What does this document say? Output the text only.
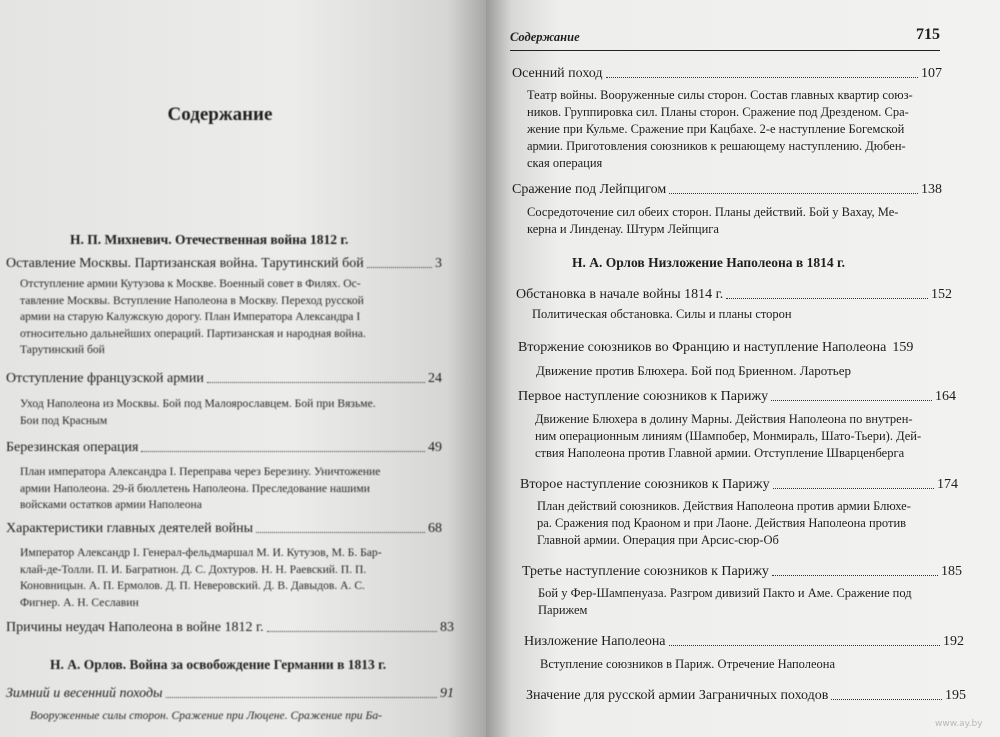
Содержание
Н. П. Михневич. Отечественная война 1812 г.
Оставление Москвы. Партизанская война. Тарутинский бой	3
Отступление армии Кутузова к Москве. Военный совет в Филях. Ос-
тавление Москвы. Вступление Наполеона в Москву. Переход русской
армии на старую Калужскую дорогу. План Императора Александра I
относительно дальнейших операций. Партизанская и народная война.
Тарутинский бой
Отступление французской армии	24
Уход Наполеона из Москвы. Бой под Малоярославцем. Бой при Вязьме.
Бои под Красным
Березинская операция	49
План императора Александра I. Переправа через Березину. Уничтожение
армии Наполеона. 29-й бюллетень Наполеона. Преследование нашими
войсками остатков армии Наполеона
Характеристики главных деятелей войны	68
Император Александр I. Генерал-фельдмаршал М. И. Кутузов, М. Б. Бар-
клай-де-Толли. П. И. Багратион. Д. С. Дохтуров. Н. Н. Раевский. П. П.
Коновницын. А. П. Ермолов. Д. П. Неверовский. Д. В. Давыдов. А. С.
Фигнер. А. Н. Сеславин
Причины неудач Наполеона в войне 1812 г.	83
Н. А. Орлов. Война за освобождение Германии в 1813 г.
Зимний и весенний походы	91
Вооруженные силы сторон. Сражение при Люцене. Сражение при Ба-
Содержание	715
Осенний поход	107
Театр войны. Вооруженные силы сторон. Состав главных квартир союз-
ников. Группировка сил. Планы сторон. Сражение под Дрезденом. Сра-
жение при Кульме. Сражение при Кацбахе. 2-е наступление Богемской
армии. Приготовления союзников к решающему наступлению. Дюбен-
ская операция
Сражение под Лейпцигом	138
Сосредоточение сил обеих сторон. Планы действий. Бой у Вахау, Ме-
керна и Линденау. Штурм Лейпцига
Н. А. Орлов Низложение Наполеона в 1814 г.
Обстановка в начале войны 1814 г.	152
Политическая обстановка. Силы и планы сторон
Вторжение союзников во Францию и наступление Наполеона 159
Движение против Блюхера. Бой под Бриенном. Ларотьер
Первое наступление союзников к Парижу	164
Движение Блюхера в долину Марны. Действия Наполеона по внутрен-
ним операционным линиям (Шампобер, Монмираль, Шато-Тьери). Дей-
ствия Наполеона против Главной армии. Отступление Шварценберга
Второе наступление союзников к Парижу	174
План действий союзников. Действия Наполеона против армии Блюхе-
ра. Сражения под Краоном и при Лаоне. Действия Наполеона против
Главной армии. Операция при Арсис-сюр-Об
Третье наступление союзников к Парижу	185
Бой у Фер-Шампенуаза. Разгром дивизий Пакто и Аме. Сражение под
Парижем
Низложение Наполеона	192
Вступление союзников в Париж. Отречение Наполеона
Значение для русской армии Заграничных походов	195
www.ay.by
